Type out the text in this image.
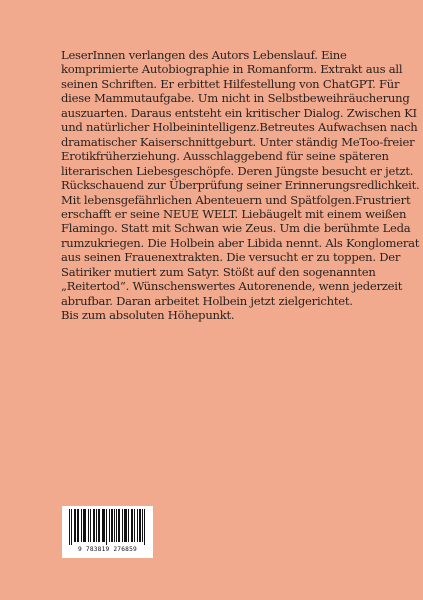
LeserInnen verlangen des Autors Lebenslauf. Eine
komprimierte Autobiographie in Romanform. Extrakt aus all
seinen Schriften. Er erbittet Hilfestellung von ChatGPT. Für
diese Mammutaufgabe. Um nicht in Selbstbeweihräucherung
auszuarten. Daraus entsteht ein kritischer Dialog. Zwischen KI
und natürlicher Holbeinintelligenz.Betreutes Aufwachsen nach
dramatischer Kaiserschnittgeburt. Unter ständig MeToo-freier
Erotikfrüherziehung. Ausschlaggebend für seine späteren
literarischen Liebesgeschöpfe. Deren Jüngste besucht er jetzt.
Rückschauend zur Überprüfung seiner Erinnerungsredlichkeit.
Mit lebensgefährlichen Abenteuern und Spätfolgen.Frustriert
erschafft er seine NEUE WELT. Liebäugelt mit einem weißen
Flamingo. Statt mit Schwan wie Zeus. Um die berühmte Leda
rumzukriegen. Die Holbein aber Libida nennt. Als Konglomerat
aus seinen Frauenextrakten. Die versucht er zu toppen. Der
Satiriker mutiert zum Satyr. Stößt auf den sogenannten
„Reitertod“. Wünschenswertes Autorenende, wenn jederzeit
abrufbar. Daran arbeitet Holbein jetzt zielgerichtet.
Bis zum absoluten Höhepunkt.
9 783819 276859
